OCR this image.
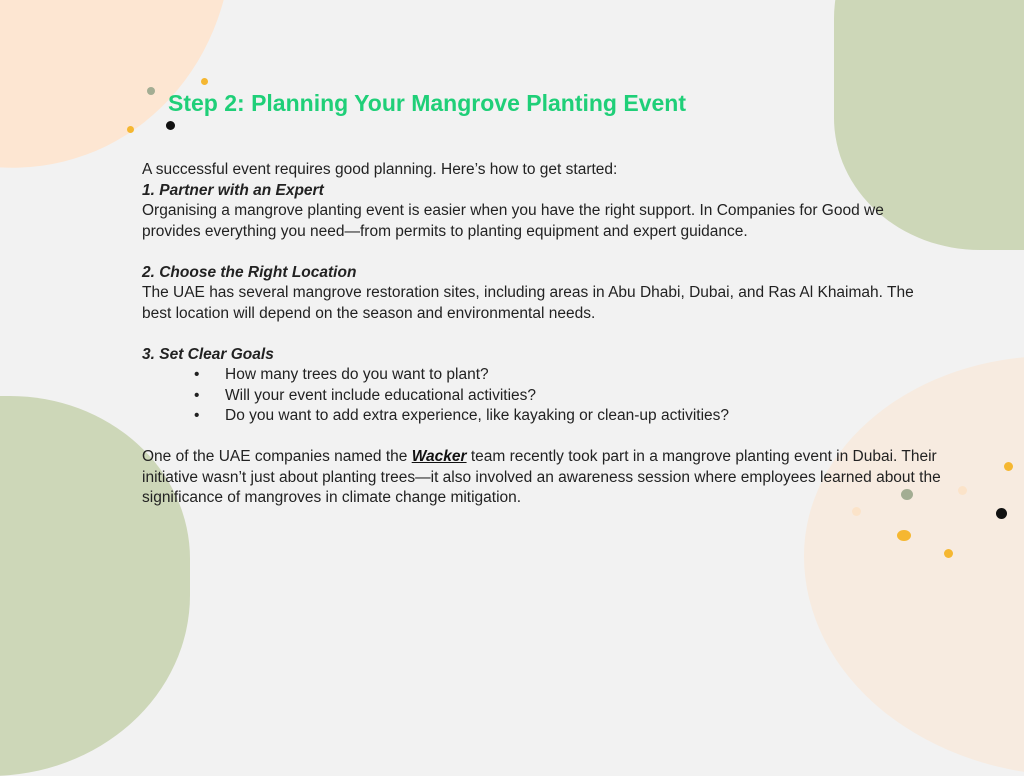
Step 2: Planning Your Mangrove Planting Event

A successful event requires good planning. Here’s how to get started:

1. Partner with an Expert

Organising a mangrove planting event is easier when you have the right support. In Companies for Good we provides everything you need—from permits to planting equipment and expert guidance.

2. Choose the Right Location

The UAE has several mangrove restoration sites, including areas in Abu Dhabi, Dubai, and Ras Al Khaimah. The best location will depend on the season and environmental needs.

3. Set Clear Goals

• How many trees do you want to plant?
• Will your event include educational activities?
• Do you want to add extra experience, like kayaking or clean-up activities?

One of the UAE companies named the Wacker team recently took part in a mangrove planting event in Dubai. Their initiative wasn’t just about planting trees—it also involved an awareness session where employees learned about the significance of mangroves in climate change mitigation.
